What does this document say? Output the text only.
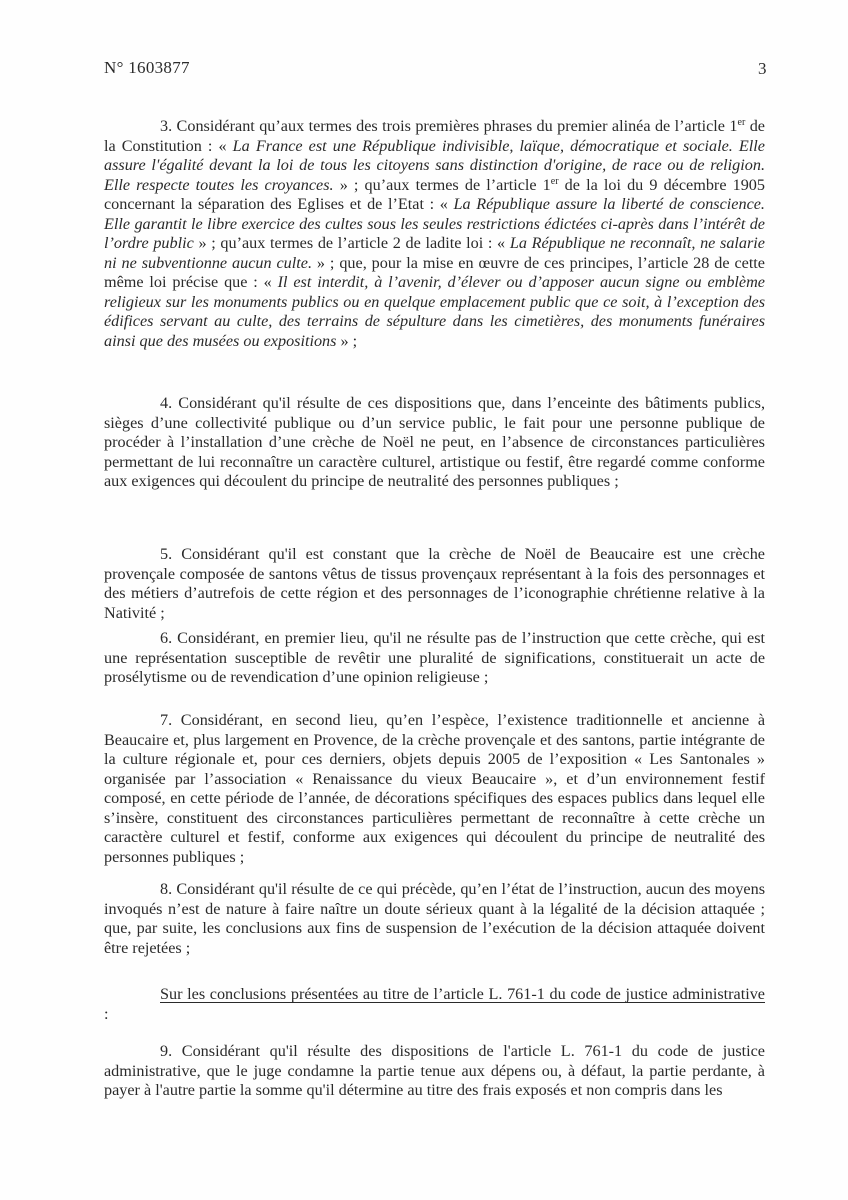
N° 1603877	3

3. Considérant qu’aux termes des trois premières phrases du premier alinéa de l’article 1er de la Constitution : « La France est une République indivisible, laïque, démocratique et sociale. Elle assure l'égalité devant la loi de tous les citoyens sans distinction d'origine, de race ou de religion. Elle respecte toutes les croyances. » ; qu’aux termes de l’article 1er de la loi du 9 décembre 1905 concernant la séparation des Eglises et de l’Etat : « La République assure la liberté de conscience. Elle garantit le libre exercice des cultes sous les seules restrictions édictées ci-après dans l’intérêt de l’ordre public » ; qu’aux termes de l’article 2 de ladite loi : « La République ne reconnaît, ne salarie ni ne subventionne aucun culte. » ; que, pour la mise en œuvre de ces principes, l’article 28 de cette même loi précise que : « Il est interdit, à l’avenir, d’élever ou d’apposer aucun signe ou emblème religieux sur les monuments publics ou en quelque emplacement public que ce soit, à l’exception des édifices servant au culte, des terrains de sépulture dans les cimetières, des monuments funéraires ainsi que des musées ou expositions » ;

4. Considérant qu'il résulte de ces dispositions que, dans l’enceinte des bâtiments publics, sièges d’une collectivité publique ou d’un service public, le fait pour une personne publique de procéder à l’installation d’une crèche de Noël ne peut, en l’absence de circonstances particulières permettant de lui reconnaître un caractère culturel, artistique ou festif, être regardé comme conforme aux exigences qui découlent du principe de neutralité des personnes publiques ;

5. Considérant qu'il est constant que la crèche de Noël de Beaucaire est une crèche provençale composée de santons vêtus de tissus provençaux représentant à la fois des personnages et des métiers d’autrefois de cette région et des personnages de l’iconographie chrétienne relative à la Nativité ;

6. Considérant, en premier lieu, qu'il ne résulte pas de l’instruction que cette crèche, qui est une représentation susceptible de revêtir une pluralité de significations, constituerait un acte de prosélytisme ou de revendication d’une opinion religieuse ;

7. Considérant, en second lieu, qu’en l’espèce, l’existence traditionnelle et ancienne à Beaucaire et, plus largement en Provence, de la crèche provençale et des santons, partie intégrante de la culture régionale et, pour ces derniers, objets depuis 2005 de l’exposition « Les Santonales » organisée par l’association « Renaissance du vieux Beaucaire », et d’un environnement festif composé, en cette période de l’année, de décorations spécifiques des espaces publics dans lequel elle s’insère, constituent des circonstances particulières permettant de reconnaître à cette crèche un caractère culturel et festif, conforme aux exigences qui découlent du principe de neutralité des personnes publiques ;

8. Considérant qu'il résulte de ce qui précède, qu’en l’état de l’instruction, aucun des moyens invoqués n’est de nature à faire naître un doute sérieux quant à la légalité de la décision attaquée ; que, par suite, les conclusions aux fins de suspension de l’exécution de la décision attaquée doivent être rejetées ;

Sur les conclusions présentées au titre de l’article L. 761-1 du code de justice administrative :

9. Considérant qu'il résulte des dispositions de l'article L. 761-1 du code de justice administrative, que le juge condamne la partie tenue aux dépens ou, à défaut, la partie perdante, à payer à l'autre partie la somme qu'il détermine au titre des frais exposés et non compris dans les
